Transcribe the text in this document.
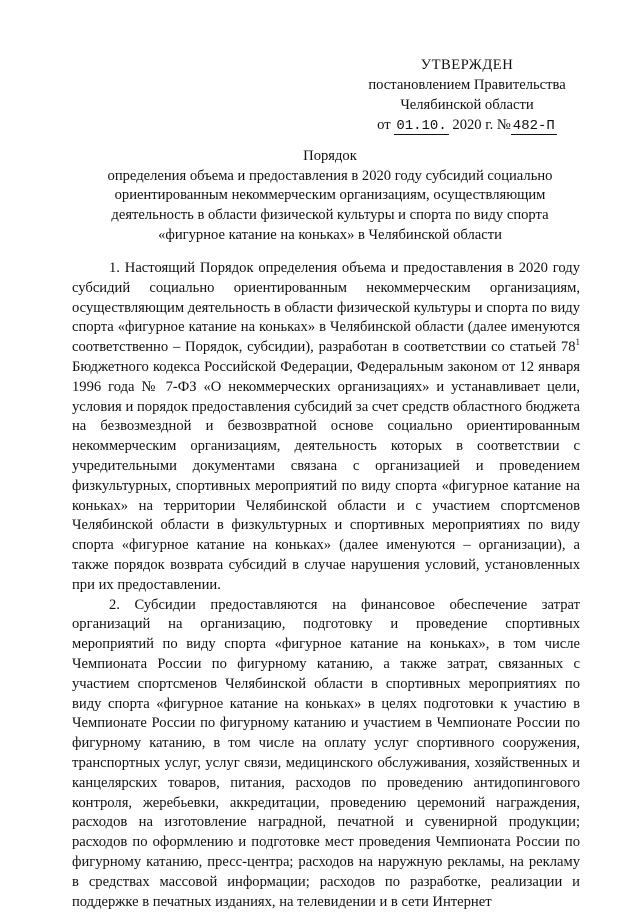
УТВЕРЖДЕН
постановлением Правительства
Челябинской области
от 01.10. 2020 г. № 482-П
Порядок
определения объема и предоставления в 2020 году субсидий социально ориентированным некоммерческим организациям, осуществляющим деятельность в области физической культуры и спорта по виду спорта «фигурное катание на коньках» в Челябинской области

1. Настоящий Порядок определения объема и предоставления в 2020 году субсидий социально ориентированным некоммерческим организациям, осуществляющим деятельность в области физической культуры и спорта по виду спорта «фигурное катание на коньках» в Челябинской области (далее именуются соответственно – Порядок, субсидии), разработан в соответствии со статьей $78^1$ Бюджетного кодекса Российской Федерации, Федеральным законом от 12 января 1996 года № 7-ФЗ «О некоммерческих организациях» и устанавливает цели, условия и порядок предоставления субсидий за счет средств областного бюджета на безвозмездной и безвозвратной основе социально ориентированным некоммерческим организациям, деятельность которых в соответствии с учредительными документами связана с организацией и проведением физкультурных, спортивных мероприятий по виду спорта «фигурное катание на коньках» на территории Челябинской области и с участием спортсменов Челябинской области в физкультурных и спортивных мероприятиях по виду спорта «фигурное катание на коньках» (далее именуются – организации), а также порядок возврата субсидий в случае нарушения условий, установленных при их предоставлении.

2. Субсидии предоставляются на финансовое обеспечение затрат организаций на организацию, подготовку и проведение спортивных мероприятий по виду спорта «фигурное катание на коньках», в том числе Чемпионата России по фигурному катанию, а также затрат, связанных с участием спортсменов Челябинской области в спортивных мероприятиях по виду спорта «фигурное катание на коньках» в целях подготовки к участию в Чемпионате России по фигурному катанию и участием в Чемпионате России по фигурному катанию, в том числе на оплату услуг спортивного сооружения, транспортных услуг, услуг связи, медицинского обслуживания, хозяйственных и канцелярских товаров, питания, расходов по проведению антидопингового контроля, жеребьевки, аккредитации, проведению церемоний награждения, расходов на изготовление наградной, печатной и сувенирной продукции; расходов по оформлению и подготовке мест проведения Чемпионата России по фигурному катанию, пресс-центра; расходов на наружную рекламы, на рекламу в средствах массовой информации; расходов по разработке, реализации и поддержке в печатных изданиях, на телевидении и в сети Интернет
